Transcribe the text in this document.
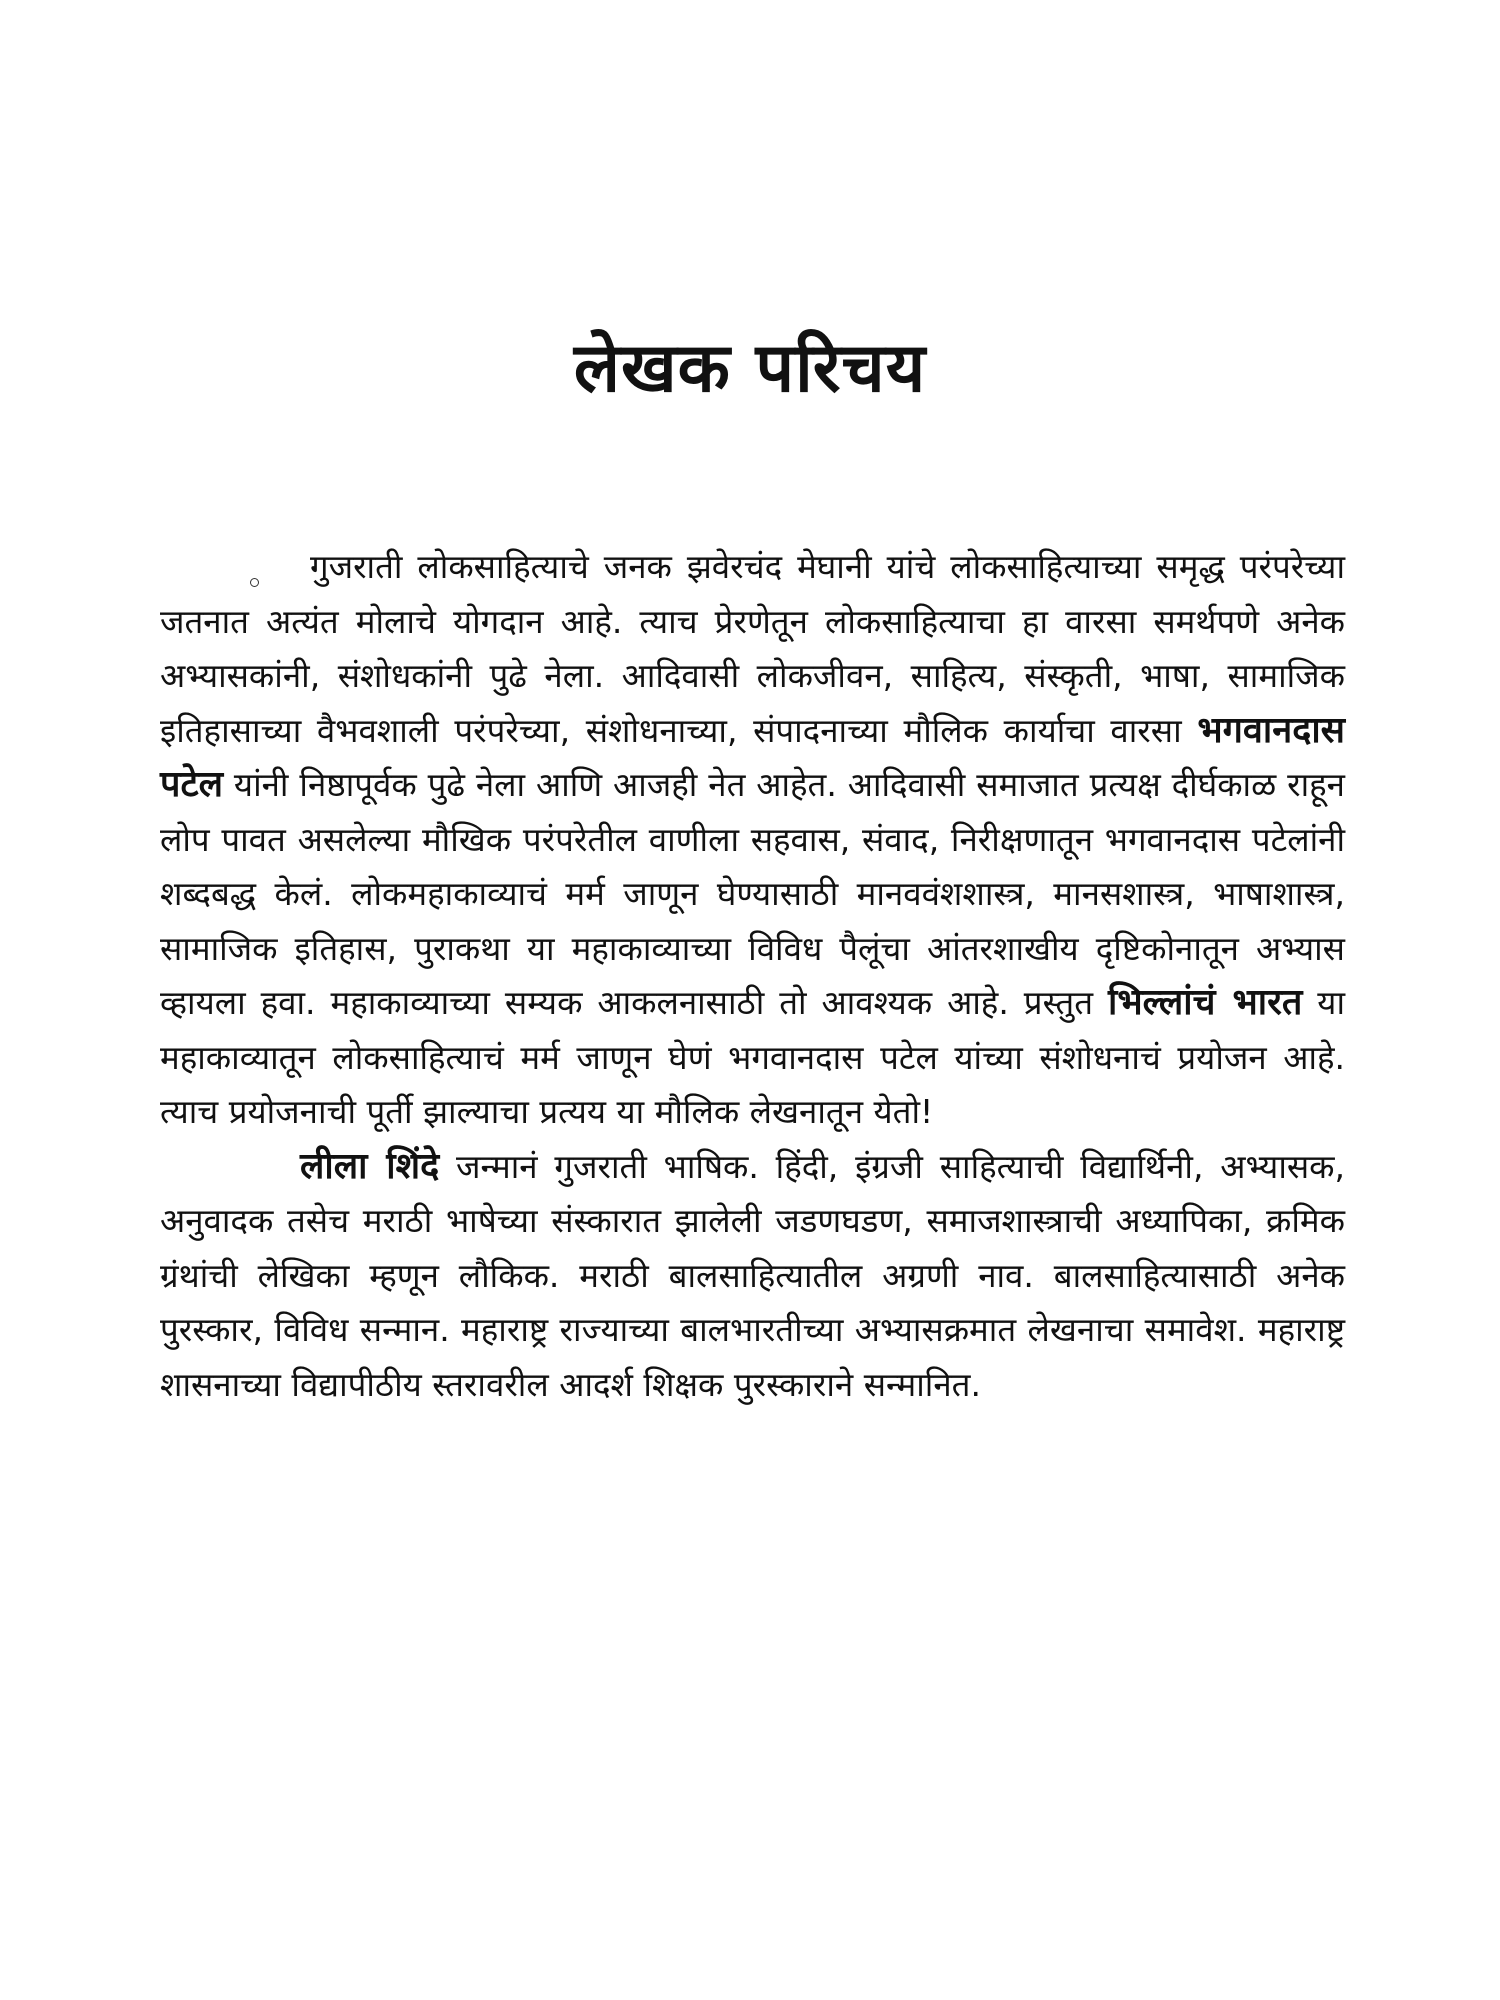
लेखक परिचय

गुजराती लोकसाहित्याचे जनक झवेरचंद मेघानी यांचे लोकसाहित्याच्या समृद्ध परंपरेच्या जतनात अत्यंत मोलाचे योगदान आहे. त्याच प्रेरणेतून लोकसाहित्याचा हा वारसा समर्थपणे अनेक अभ्यासकांनी, संशोधकांनी पुढे नेला. आदिवासी लोकजीवन, साहित्य, संस्कृती, भाषा, सामाजिक इतिहासाच्या वैभवशाली परंपरेच्या, संशोधनाच्या, संपादनाच्या मौलिक कार्याचा वारसा भगवानदास पटेल यांनी निष्ठापूर्वक पुढे नेला आणि आजही नेत आहेत. आदिवासी समाजात प्रत्यक्ष दीर्घकाळ राहून लोप पावत असलेल्या मौखिक परंपरेतील वाणीला सहवास, संवाद, निरीक्षणातून भगवानदास पटेलांनी शब्दबद्ध केलं. लोकमहाकाव्याचं मर्म जाणून घेण्यासाठी मानववंशशास्त्र, मानसशास्त्र, भाषाशास्त्र, सामाजिक इतिहास, पुराकथा या महाकाव्याच्या विविध पैलूंचा आंतरशाखीय दृष्टिकोनातून अभ्यास व्हायला हवा. महाकाव्याच्या सम्यक आकलनासाठी तो आवश्यक आहे. प्रस्तुत भिल्लांचं भारत या महाकाव्यातून लोकसाहित्याचं मर्म जाणून घेणं भगवानदास पटेल यांच्या संशोधनाचं प्रयोजन आहे. त्याच प्रयोजनाची पूर्ती झाल्याचा प्रत्यय या मौलिक लेखनातून येतो!

लीला शिंदे जन्मानं गुजराती भाषिक. हिंदी, इंग्रजी साहित्याची विद्यार्थिनी, अभ्यासक, अनुवादक तसेच मराठी भाषेच्या संस्कारात झालेली जडणघडण, समाजशास्त्राची अध्यापिका, क्रमिक ग्रंथांची लेखिका म्हणून लौकिक. मराठी बालसाहित्यातील अग्रणी नाव. बालसाहित्यासाठी अनेक पुरस्कार, विविध सन्मान. महाराष्ट्र राज्याच्या बालभारतीच्या अभ्यासक्रमात लेखनाचा समावेश. महाराष्ट्र शासनाच्या विद्यापीठीय स्तरावरील आदर्श शिक्षक पुरस्काराने सन्मानित.
